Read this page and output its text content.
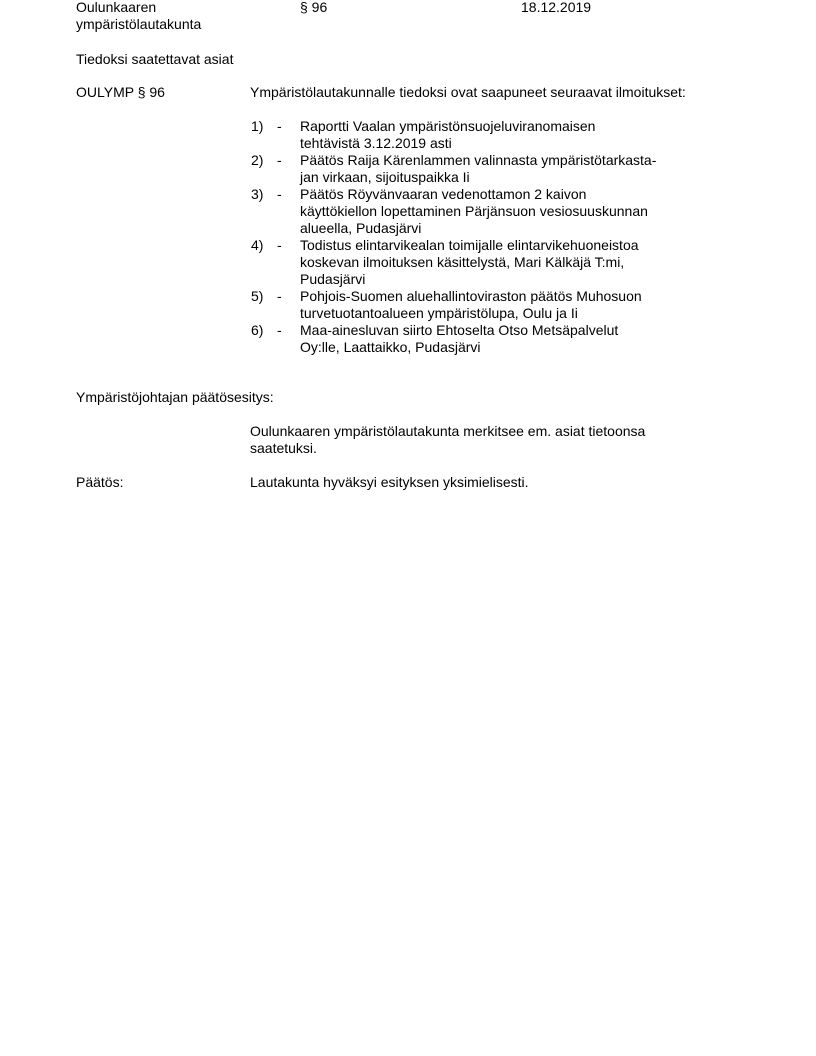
Oulunkaaren ympäristölautakunta
§ 96	18.12.2019
Tiedoksi saatettavat asiat
OULYMP § 96	Ympäristölautakunnalle tiedoksi ovat saapuneet seuraavat ilmoitukset:
1) - Raportti Vaalan ympäristönsuojeluviranomaisen
tehtävistä 3.12.2019 asti
2) - Päätös Raija Kärenlammen valinnasta ympäristötarkasta-
jan virkaan, sijoituspaikka Ii
3) - Päätös Röyvänvaaran vedenottamon 2 kaivon
käyttökiellon lopettaminen Pärjänsuon vesiosuuskunnan
alueella, Pudasjärvi
4) - Todistus elintarvikealan toimijalle elintarvikehuoneistoa
koskevan ilmoituksen käsittelystä, Mari Kälkäjä T:mi,
Pudasjärvi
5) - Pohjois-Suomen aluehallintoviraston päätös Muhosuon
turvetuotantoalueen ympäristölupa, Oulu ja Ii
6) - Maa-ainesluvan siirto Ehtoselta Otso Metsäpalvelut
Oy:lle, Laattaikko, Pudasjärvi
Ympäristöjohtajan päätösesitys:
Oulunkaaren ympäristölautakunta merkitsee em. asiat tietoonsa
saatetuksi.
Päätös:	Lautakunta hyväksyi esityksen yksimielisesti.
